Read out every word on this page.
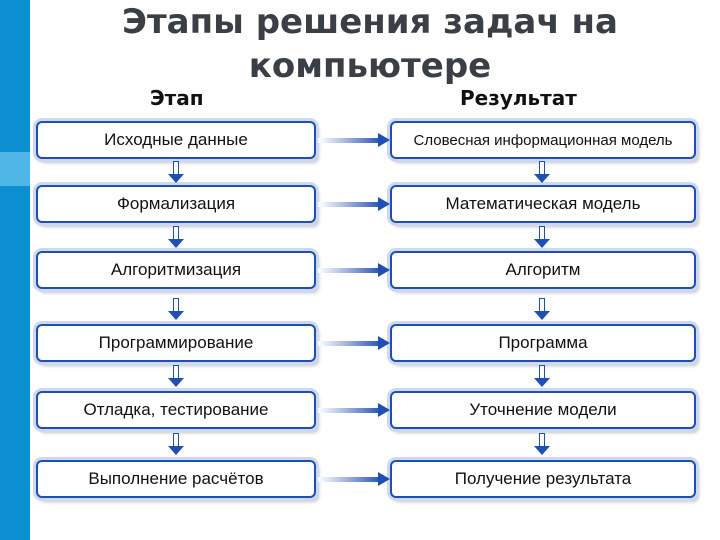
Этапы решения задач на компьютере
Этап	Результат
Исходные данные	Словесная информационная модель
Формализация	Математическая модель
Алгоритмизация	Алгоритм
Программирование	Программа
Отладка, тестирование	Уточнение модели
Выполнение расчётов	Получение результата
